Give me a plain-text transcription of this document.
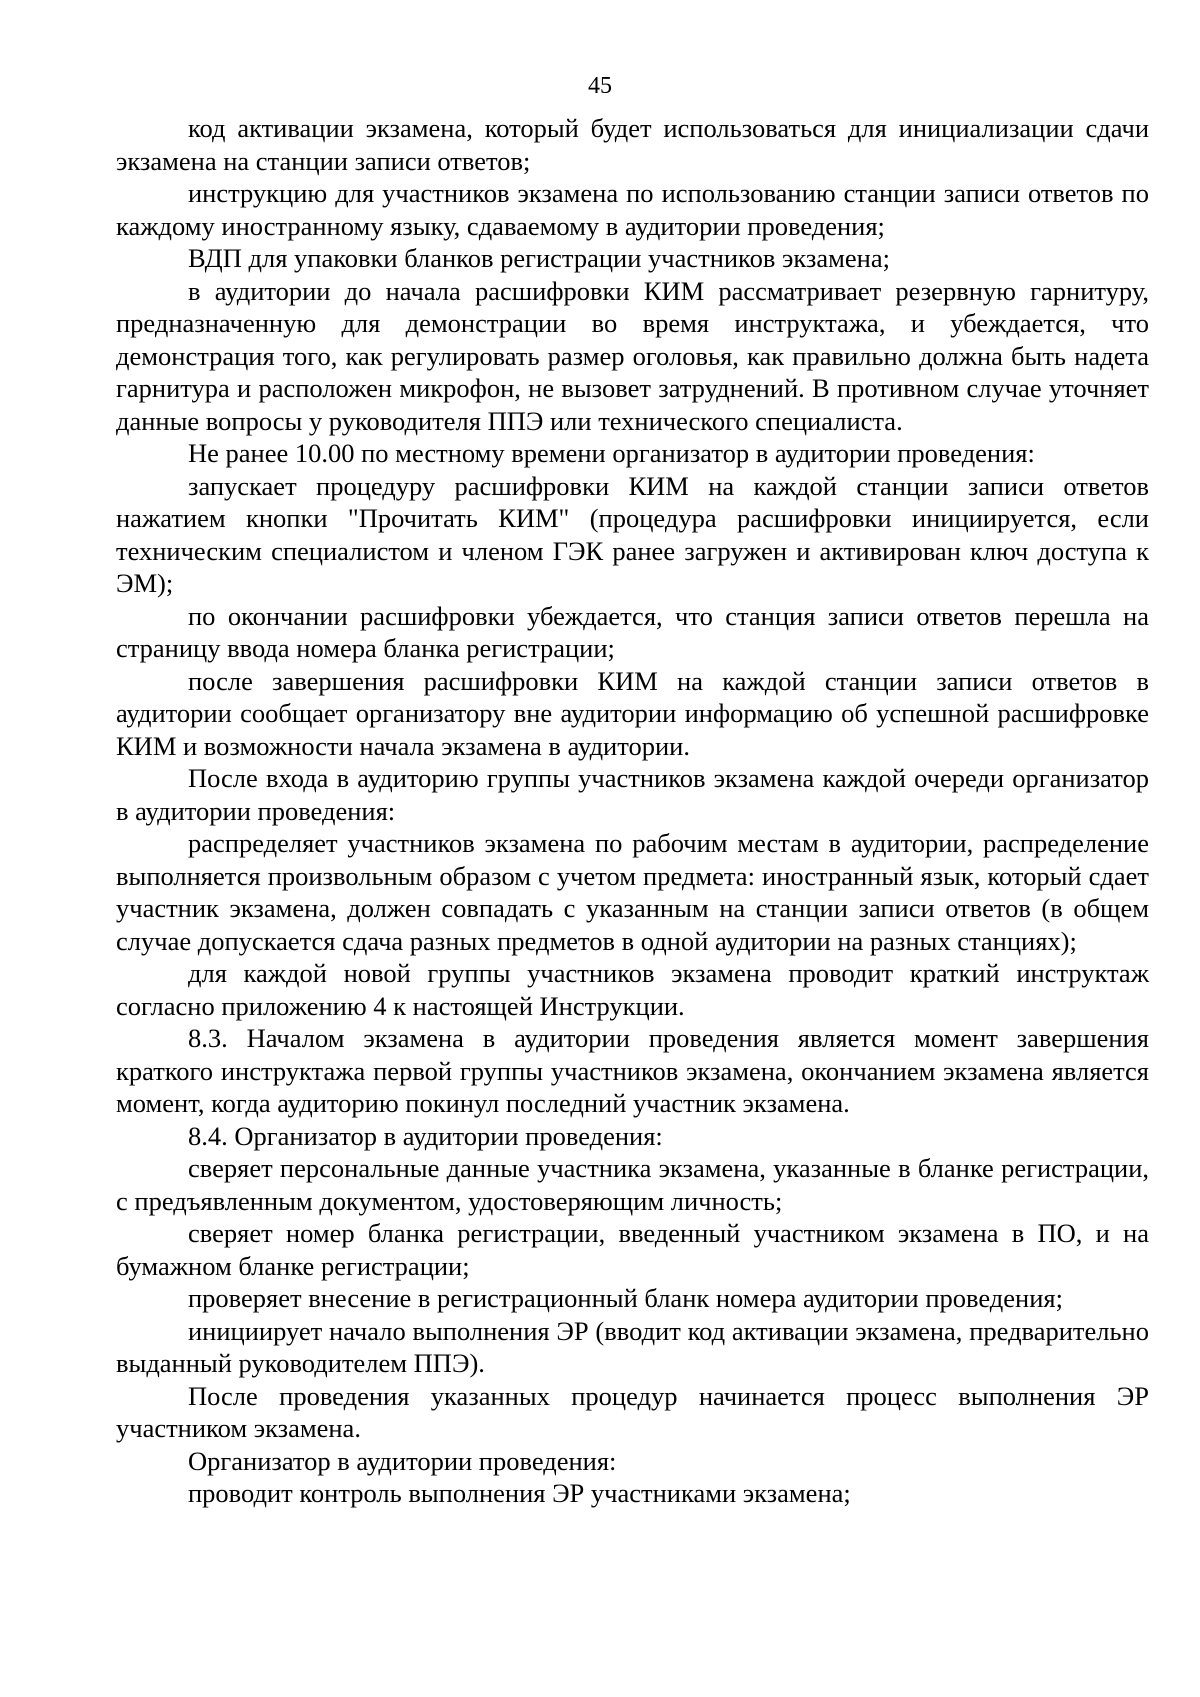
45

код активации экзамена, который будет использоваться для инициализации сдачи экзамена на станции записи ответов;

инструкцию для участников экзамена по использованию станции записи ответов по каждому иностранному языку, сдаваемому в аудитории проведения;

ВДП для упаковки бланков регистрации участников экзамена;

в аудитории до начала расшифровки КИМ рассматривает резервную гарнитуру, предназначенную для демонстрации во время инструктажа, и убеждается, что демонстрация того, как регулировать размер оголовья, как правильно должна быть надета гарнитура и расположен микрофон, не вызовет затруднений. В противном случае уточняет данные вопросы у руководителя ППЭ или технического специалиста.

Не ранее 10.00 по местному времени организатор в аудитории проведения:

запускает процедуру расшифровки КИМ на каждой станции записи ответов нажатием кнопки "Прочитать КИМ" (процедура расшифровки инициируется, если техническим специалистом и членом ГЭК ранее загружен и активирован ключ доступа к ЭМ);

по окончании расшифровки убеждается, что станция записи ответов перешла на страницу ввода номера бланка регистрации;

после завершения расшифровки КИМ на каждой станции записи ответов в аудитории сообщает организатору вне аудитории информацию об успешной расшифровке КИМ и возможности начала экзамена в аудитории.

После входа в аудиторию группы участников экзамена каждой очереди организатор в аудитории проведения:

распределяет участников экзамена по рабочим местам в аудитории, распределение выполняется произвольным образом с учетом предмета: иностранный язык, который сдает участник экзамена, должен совпадать с указанным на станции записи ответов (в общем случае допускается сдача разных предметов в одной аудитории на разных станциях);

для каждой новой группы участников экзамена проводит краткий инструктаж согласно приложению 4 к настоящей Инструкции.

8.3. Началом экзамена в аудитории проведения является момент завершения краткого инструктажа первой группы участников экзамена, окончанием экзамена является момент, когда аудиторию покинул последний участник экзамена.

8.4. Организатор в аудитории проведения:

сверяет персональные данные участника экзамена, указанные в бланке регистрации, с предъявленным документом, удостоверяющим личность;

сверяет номер бланка регистрации, введенный участником экзамена в ПО, и на бумажном бланке регистрации;

проверяет внесение в регистрационный бланк номера аудитории проведения;

инициирует начало выполнения ЭР (вводит код активации экзамена, предварительно выданный руководителем ППЭ).

После проведения указанных процедур начинается процесс выполнения ЭР участником экзамена.

Организатор в аудитории проведения:

проводит контроль выполнения ЭР участниками экзамена;
